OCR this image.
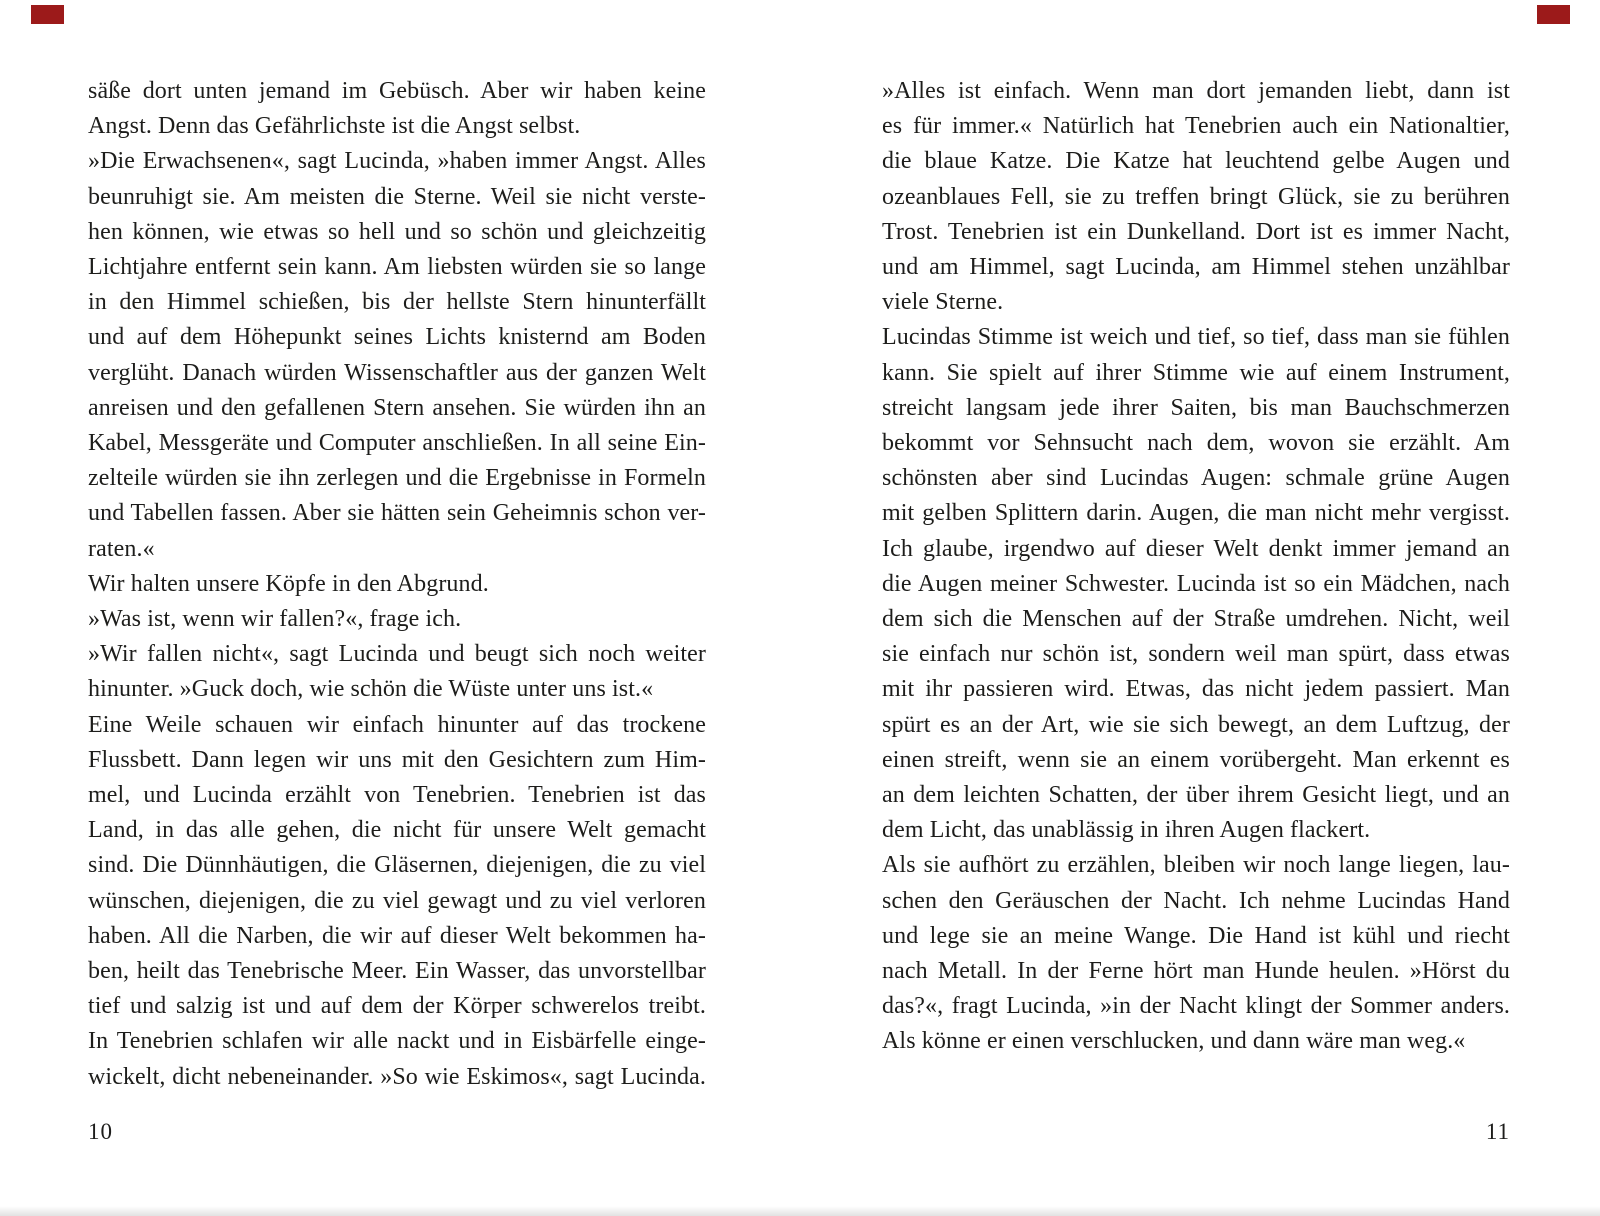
säße dort unten jemand im Gebüsch. Aber wir haben keine
Angst. Denn das Gefährlichste ist die Angst selbst.
»Die Erwachsenen«, sagt Lucinda, »haben immer Angst. Alles
beunruhigt sie. Am meisten die Sterne. Weil sie nicht verste-
hen können, wie etwas so hell und so schön und gleichzeitig
Lichtjahre entfernt sein kann. Am liebsten würden sie so lange
in den Himmel schießen, bis der hellste Stern hinunterfällt
und auf dem Höhepunkt seines Lichts knisternd am Boden
verglüht. Danach würden Wissenschaftler aus der ganzen Welt
anreisen und den gefallenen Stern ansehen. Sie würden ihn an
Kabel, Messgeräte und Computer anschließen. In all seine Ein-
zelteile würden sie ihn zerlegen und die Ergebnisse in Formeln
und Tabellen fassen. Aber sie hätten sein Geheimnis schon ver-
raten.«
Wir halten unsere Köpfe in den Abgrund.
»Was ist, wenn wir fallen?«, frage ich.
»Wir fallen nicht«, sagt Lucinda und beugt sich noch weiter
hinunter. »Guck doch, wie schön die Wüste unter uns ist.«
Eine Weile schauen wir einfach hinunter auf das trockene
Flussbett. Dann legen wir uns mit den Gesichtern zum Him-
mel, und Lucinda erzählt von Tenebrien. Tenebrien ist das
Land, in das alle gehen, die nicht für unsere Welt gemacht
sind. Die Dünnhäutigen, die Gläsernen, diejenigen, die zu viel
wünschen, diejenigen, die zu viel gewagt und zu viel verloren
haben. All die Narben, die wir auf dieser Welt bekommen ha-
ben, heilt das Tenebrische Meer. Ein Wasser, das unvorstellbar
tief und salzig ist und auf dem der Körper schwerelos treibt.
In Tenebrien schlafen wir alle nackt und in Eisbärfelle einge-
wickelt, dicht nebeneinander. »So wie Eskimos«, sagt Lucinda.
»Alles ist einfach. Wenn man dort jemanden liebt, dann ist
es für immer.« Natürlich hat Tenebrien auch ein Nationaltier,
die blaue Katze. Die Katze hat leuchtend gelbe Augen und
ozeanblaues Fell, sie zu treffen bringt Glück, sie zu berühren
Trost. Tenebrien ist ein Dunkelland. Dort ist es immer Nacht,
und am Himmel, sagt Lucinda, am Himmel stehen unzählbar
viele Sterne.
Lucindas Stimme ist weich und tief, so tief, dass man sie fühlen
kann. Sie spielt auf ihrer Stimme wie auf einem Instrument,
streicht langsam jede ihrer Saiten, bis man Bauchschmerzen
bekommt vor Sehnsucht nach dem, wovon sie erzählt. Am
schönsten aber sind Lucindas Augen: schmale grüne Augen
mit gelben Splittern darin. Augen, die man nicht mehr vergisst.
Ich glaube, irgendwo auf dieser Welt denkt immer jemand an
die Augen meiner Schwester. Lucinda ist so ein Mädchen, nach
dem sich die Menschen auf der Straße umdrehen. Nicht, weil
sie einfach nur schön ist, sondern weil man spürt, dass etwas
mit ihr passieren wird. Etwas, das nicht jedem passiert. Man
spürt es an der Art, wie sie sich bewegt, an dem Luftzug, der
einen streift, wenn sie an einem vorübergeht. Man erkennt es
an dem leichten Schatten, der über ihrem Gesicht liegt, und an
dem Licht, das unablässig in ihren Augen flackert.
Als sie aufhört zu erzählen, bleiben wir noch lange liegen, lau-
schen den Geräuschen der Nacht. Ich nehme Lucindas Hand
und lege sie an meine Wange. Die Hand ist kühl und riecht
nach Metall. In der Ferne hört man Hunde heulen. »Hörst du
das?«, fragt Lucinda, »in der Nacht klingt der Sommer anders.
Als könne er einen verschlucken, und dann wäre man weg.«
10	11
